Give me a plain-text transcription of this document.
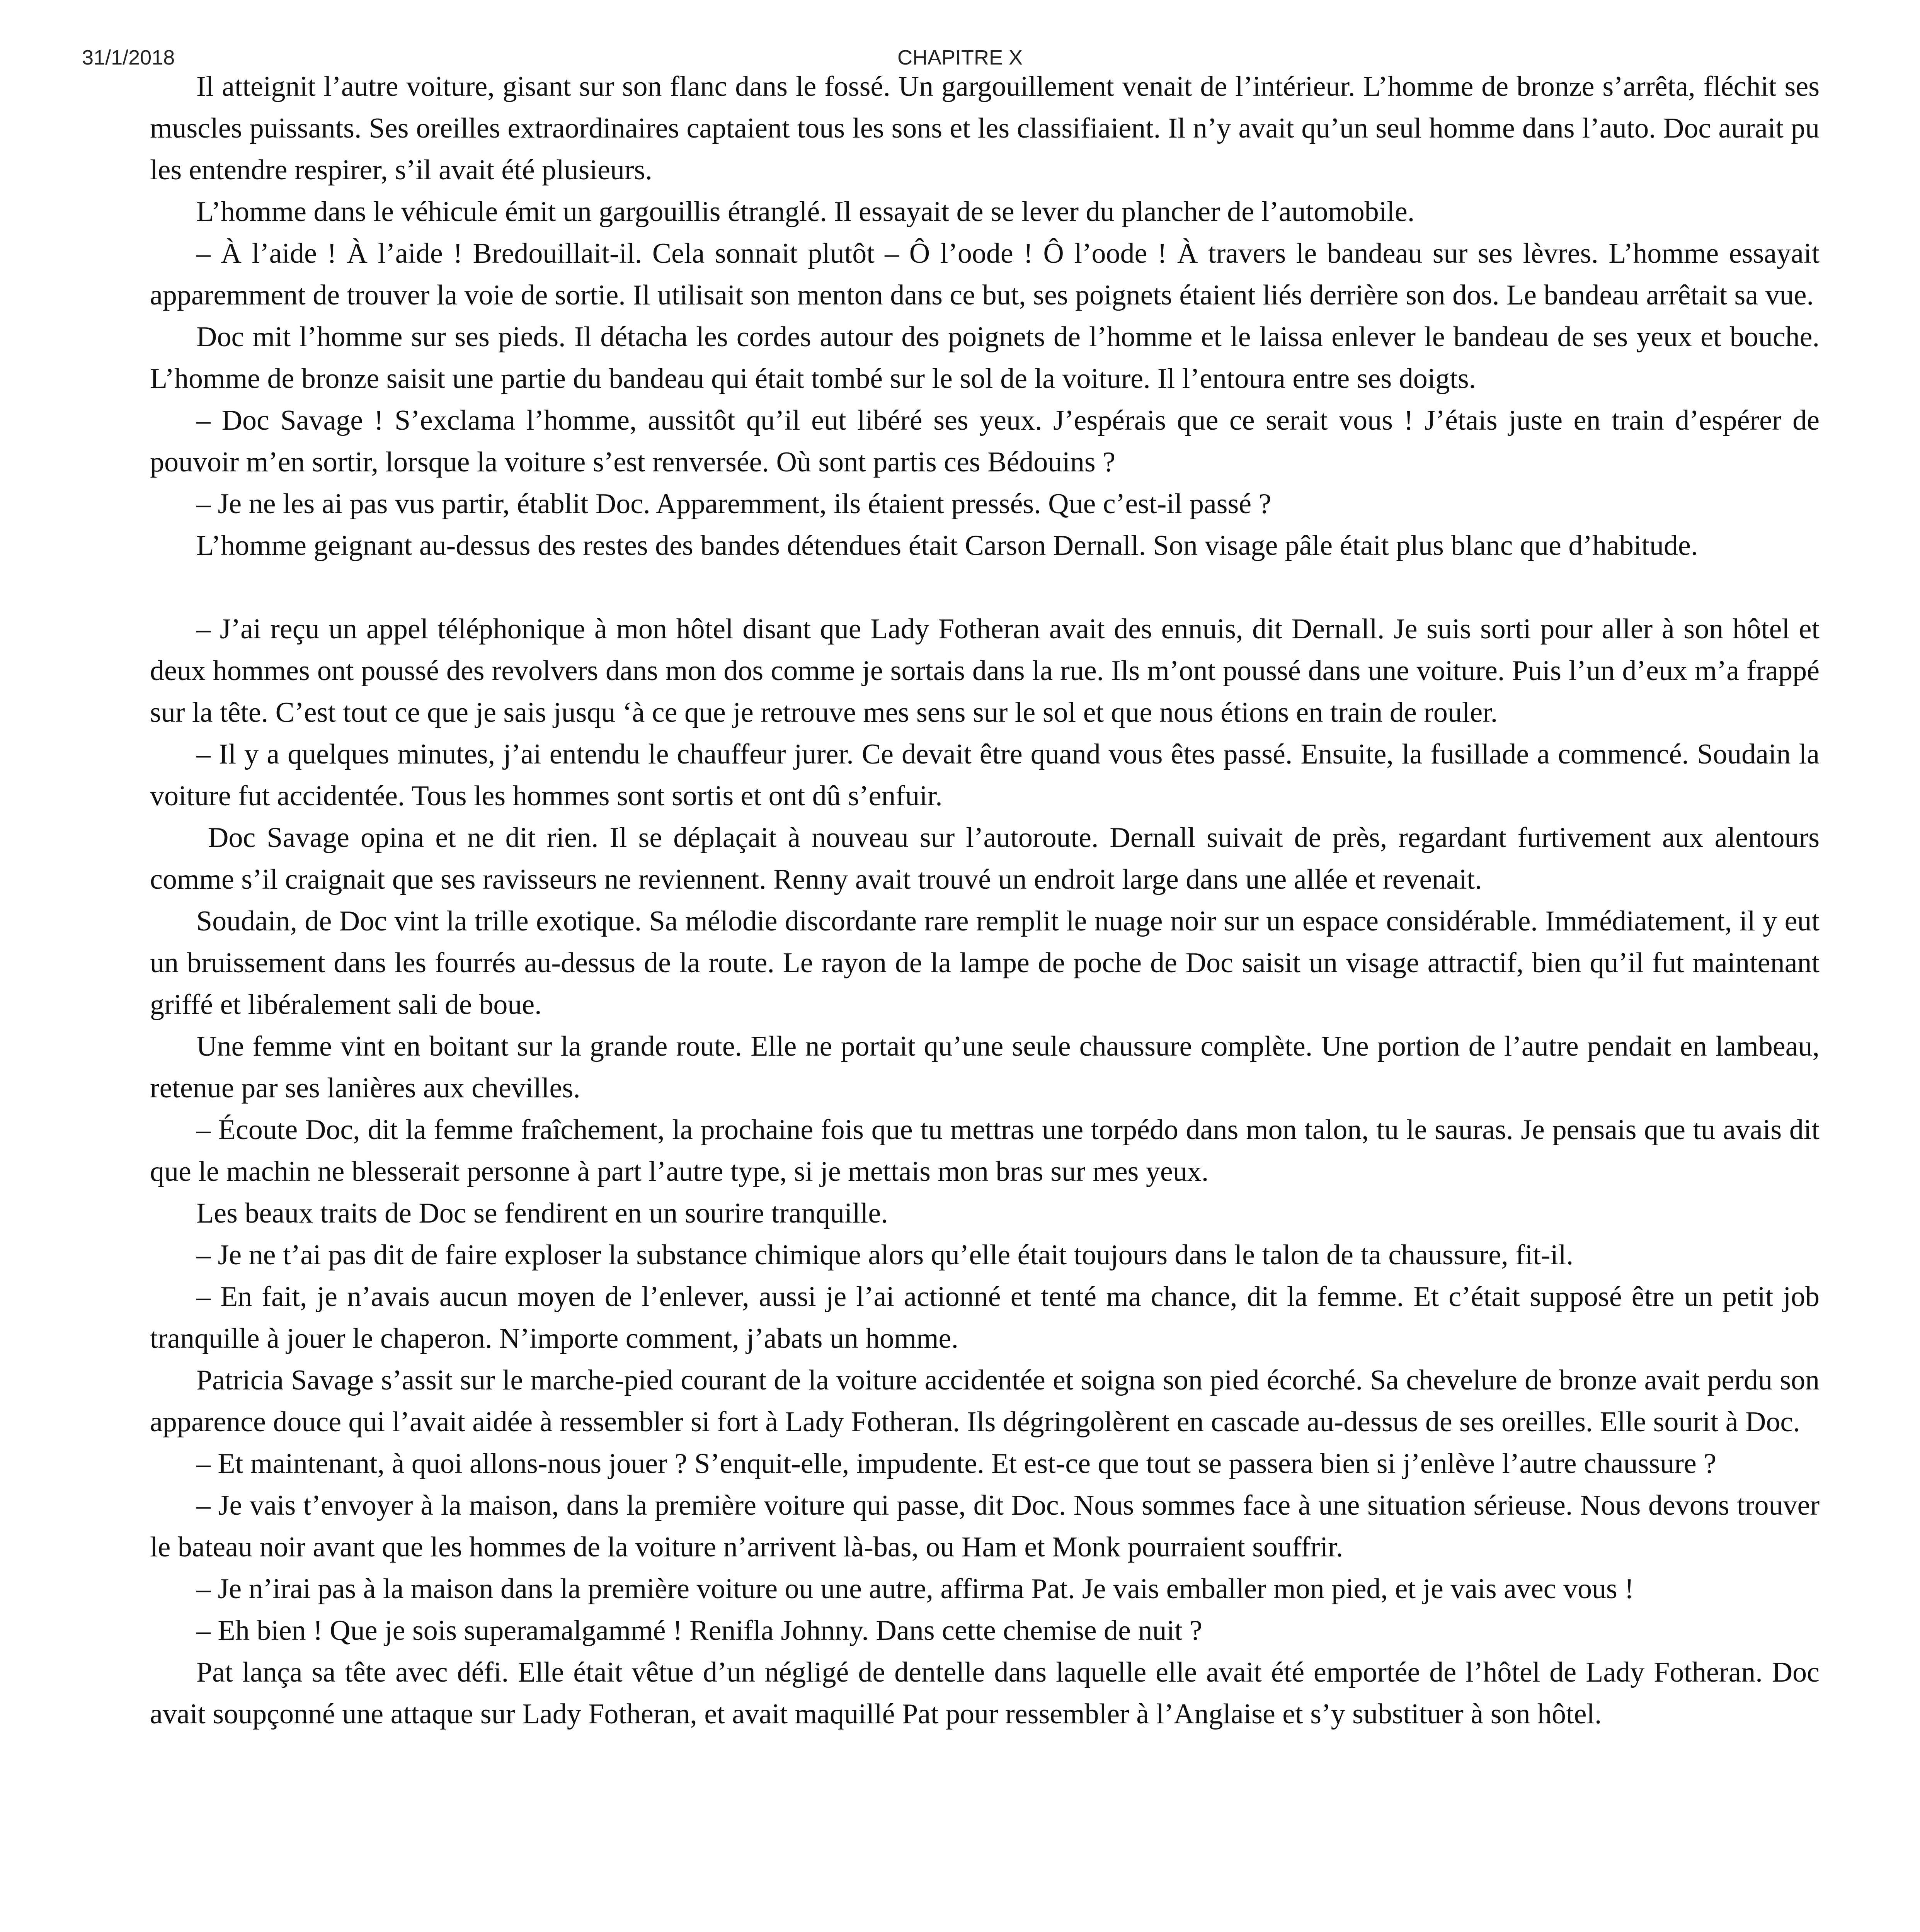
31/1/2018	CHAPITRE X

Il atteignit l’autre voiture, gisant sur son flanc dans le fossé. Un gargouillement venait de l’intérieur. L’homme de bronze s’arrêta, fléchit ses muscles puissants. Ses oreilles extraordinaires captaient tous les sons et les classifiaient. Il n’y avait qu’un seul homme dans l’auto. Doc aurait pu les entendre respirer, s’il avait été plusieurs.

L’homme dans le véhicule émit un gargouillis étranglé. Il essayait de se lever du plancher de l’automobile.

– À l’aide ! À l’aide ! Bredouillait-il. Cela sonnait plutôt – Ô l’oode ! Ô l’oode ! À travers le bandeau sur ses lèvres. L’homme essayait apparemment de trouver la voie de sortie. Il utilisait son menton dans ce but, ses poignets étaient liés derrière son dos. Le bandeau arrêtait sa vue.

Doc mit l’homme sur ses pieds. Il détacha les cordes autour des poignets de l’homme et le laissa enlever le bandeau de ses yeux et bouche. L’homme de bronze saisit une partie du bandeau qui était tombé sur le sol de la voiture. Il l’entoura entre ses doigts.

– Doc Savage ! S’exclama l’homme, aussitôt qu’il eut libéré ses yeux. J’espérais que ce serait vous ! J’étais juste en train d’espérer de pouvoir m’en sortir, lorsque la voiture s’est renversée. Où sont partis ces Bédouins ?

– Je ne les ai pas vus partir, établit Doc. Apparemment, ils étaient pressés. Que c’est-il passé ?

L’homme geignant au-dessus des restes des bandes détendues était Carson Dernall. Son visage pâle était plus blanc que d’habitude.

– J’ai reçu un appel téléphonique à mon hôtel disant que Lady Fotheran avait des ennuis, dit Dernall. Je suis sorti pour aller à son hôtel et deux hommes ont poussé des revolvers dans mon dos comme je sortais dans la rue. Ils m’ont poussé dans une voiture. Puis l’un d’eux m’a frappé sur la tête. C’est tout ce que je sais jusqu ‘à ce que je retrouve mes sens sur le sol et que nous étions en train de rouler.

– Il y a quelques minutes, j’ai entendu le chauffeur jurer. Ce devait être quand vous êtes passé. Ensuite, la fusillade a commencé. Soudain la voiture fut accidentée. Tous les hommes sont sortis et ont dû s’enfuir.

Doc Savage opina et ne dit rien. Il se déplaçait à nouveau sur l’autoroute. Dernall suivait de près, regardant furtivement aux alentours comme s’il craignait que ses ravisseurs ne reviennent. Renny avait trouvé un endroit large dans une allée et revenait.

Soudain, de Doc vint la trille exotique. Sa mélodie discordante rare remplit le nuage noir sur un espace considérable. Immédiatement, il y eut un bruissement dans les fourrés au-dessus de la route. Le rayon de la lampe de poche de Doc saisit un visage attractif, bien qu’il fut maintenant griffé et libéralement sali de boue.

Une femme vint en boitant sur la grande route. Elle ne portait qu’une seule chaussure complète. Une portion de l’autre pendait en lambeau, retenue par ses lanières aux chevilles.

– Écoute Doc, dit la femme fraîchement, la prochaine fois que tu mettras une torpédo dans mon talon, tu le sauras. Je pensais que tu avais dit que le machin ne blesserait personne à part l’autre type, si je mettais mon bras sur mes yeux.

Les beaux traits de Doc se fendirent en un sourire tranquille.

– Je ne t’ai pas dit de faire exploser la substance chimique alors qu’elle était toujours dans le talon de ta chaussure, fit-il.

– En fait, je n’avais aucun moyen de l’enlever, aussi je l’ai actionné et tenté ma chance, dit la femme. Et c’était supposé être un petit job tranquille à jouer le chaperon. N’importe comment, j’abats un homme.

Patricia Savage s’assit sur le marche-pied courant de la voiture accidentée et soigna son pied écorché. Sa chevelure de bronze avait perdu son apparence douce qui l’avait aidée à ressembler si fort à Lady Fotheran. Ils dégringolèrent en cascade au-dessus de ses oreilles. Elle sourit à Doc.

– Et maintenant, à quoi allons-nous jouer ? S’enquit-elle, impudente. Et est-ce que tout se passera bien si j’enlève l’autre chaussure ?

– Je vais t’envoyer à la maison, dans la première voiture qui passe, dit Doc. Nous sommes face à une situation sérieuse. Nous devons trouver le bateau noir avant que les hommes de la voiture n’arrivent là-bas, ou Ham et Monk pourraient souffrir.

– Je n’irai pas à la maison dans la première voiture ou une autre, affirma Pat. Je vais emballer mon pied, et je vais avec vous !

– Eh bien ! Que je sois superamalgammé ! Renifla Johnny. Dans cette chemise de nuit ?

Pat lança sa tête avec défi. Elle était vêtue d’un négligé de dentelle dans laquelle elle avait été emportée de l’hôtel de Lady Fotheran. Doc avait soupçonné une attaque sur Lady Fotheran, et avait maquillé Pat pour ressembler à l’Anglaise et s’y substituer à son hôtel.
